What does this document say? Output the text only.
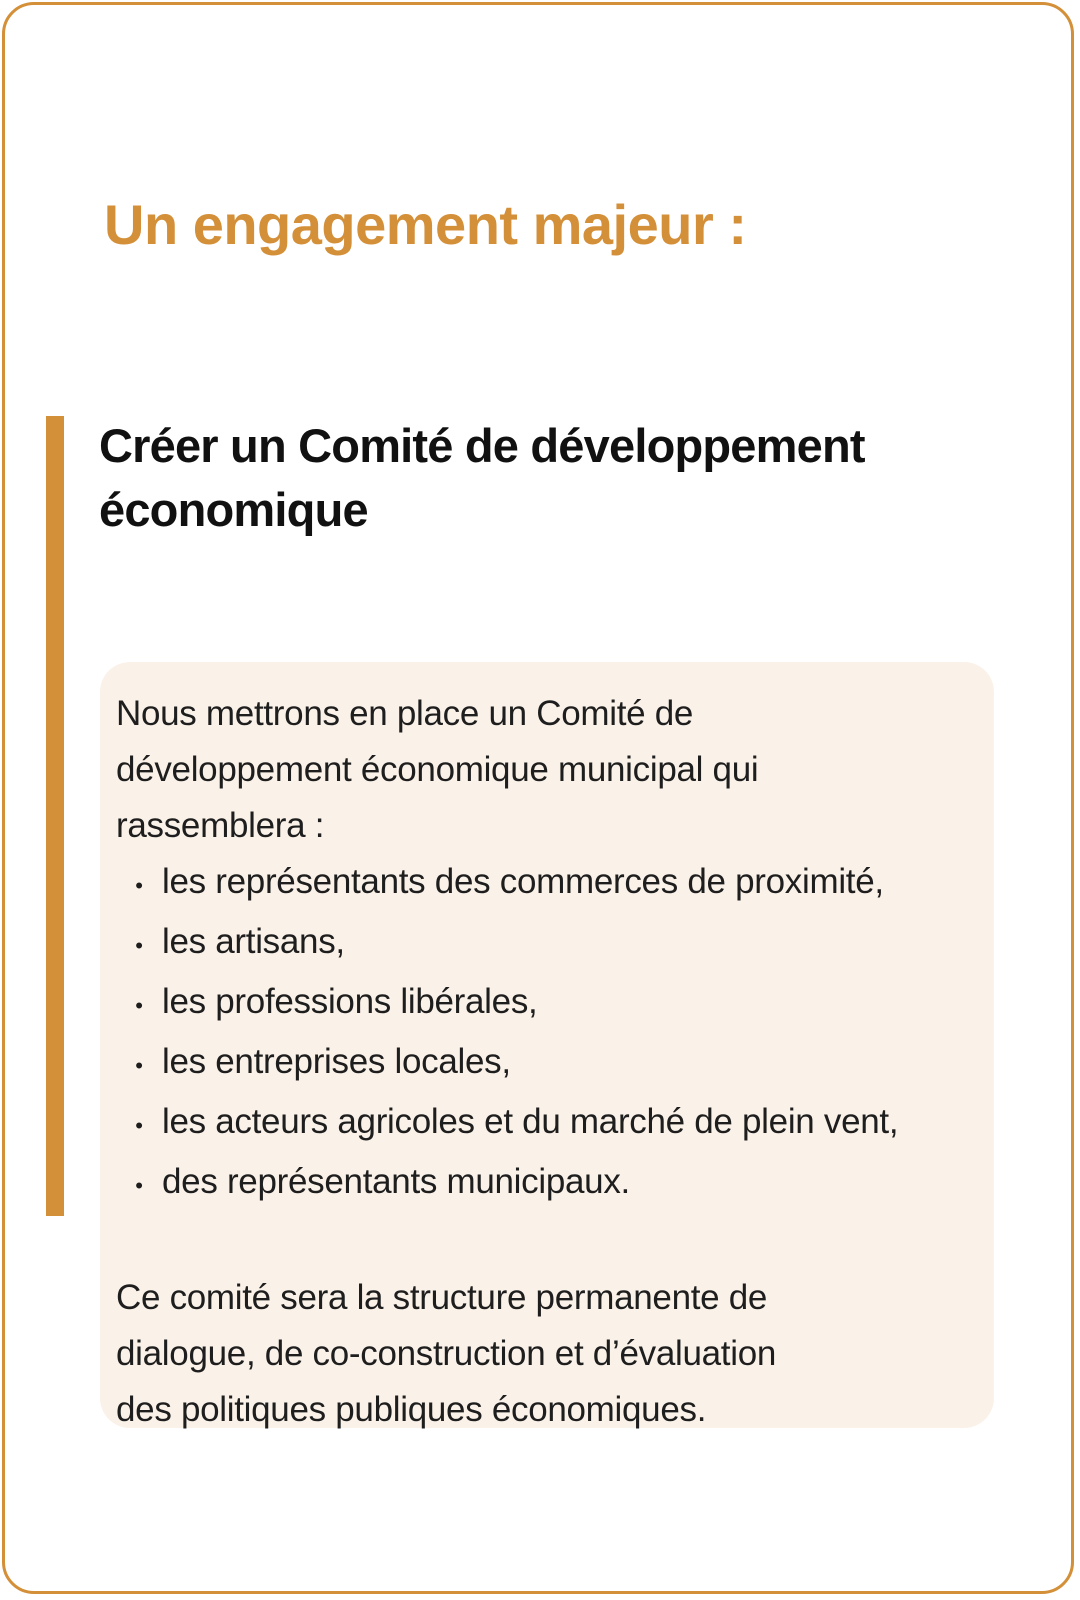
Un engagement majeur :
Créer un Comité de développement
économique

Nous mettrons en place un Comité de
développement économique municipal qui
rassemblera :

• les représentants des commerces de proximité,
• les artisans,
• les professions libérales,
• les entreprises locales,
• les acteurs agricoles et du marché de plein vent,
• des représentants municipaux.

Ce comité sera la structure permanente de
dialogue, de co-construction et d’évaluation
des politiques publiques économiques.
